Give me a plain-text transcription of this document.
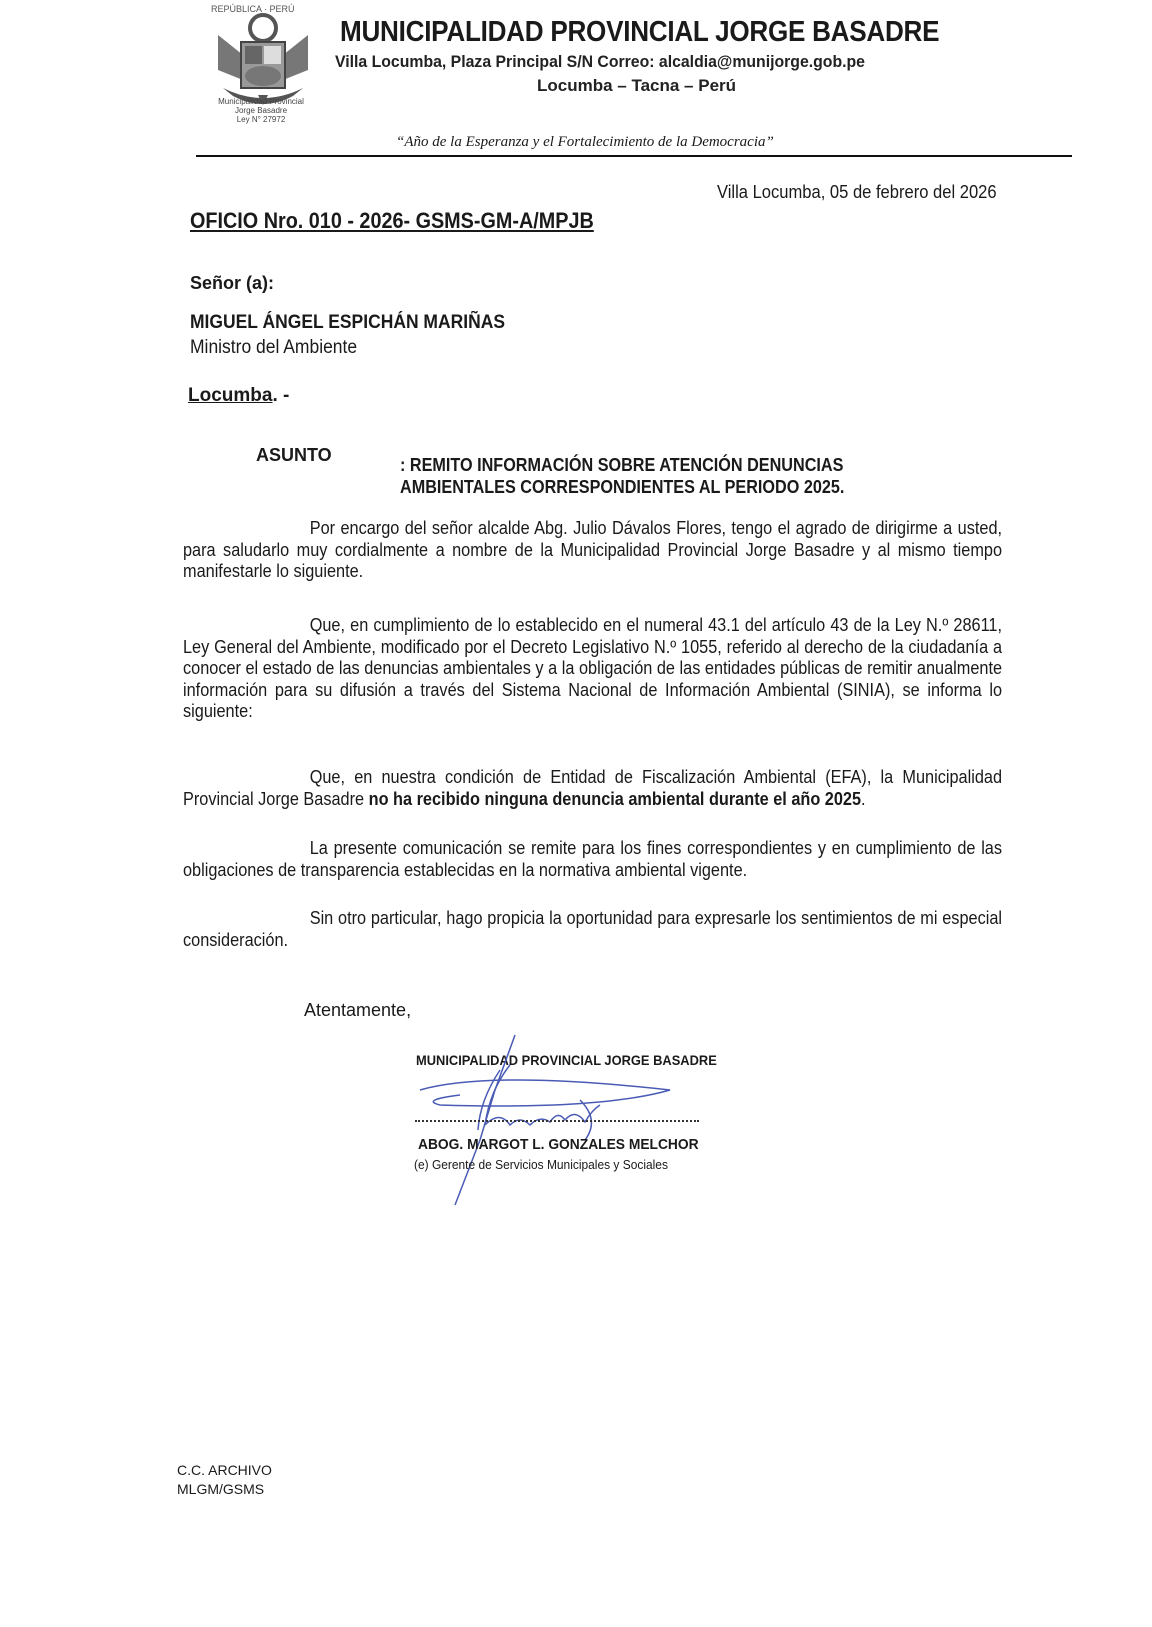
REPÚBLICA · PERÚ
Municipalidad Provincial
Jorge Basadre
Ley N° 27972
MUNICIPALIDAD PROVINCIAL JORGE BASADRE
Villa Locumba, Plaza Principal S/N Correo: alcaldia@munijorge.gob.pe
Locumba – Tacna – Perú
“Año de la Esperanza y el Fortalecimiento de la Democracia”
Villa Locumba, 05 de febrero del 2026
OFICIO Nro. 010 - 2026- GSMS-GM-A/MPJB
Señor (a):
MIGUEL ÁNGEL ESPICHÁN MARIÑAS
Ministro del Ambiente
Locumba. -
ASUNTO	: REMITO INFORMACIÓN SOBRE ATENCIÓN DENUNCIAS AMBIENTALES CORRESPONDIENTES AL PERIODO 2025.
Por encargo del señor alcalde Abg. Julio Dávalos Flores, tengo el agrado de dirigirme a usted, para saludarlo muy cordialmente a nombre de la Municipalidad Provincial Jorge Basadre y al mismo tiempo manifestarle lo siguiente.
Que, en cumplimiento de lo establecido en el numeral 43.1 del artículo 43 de la Ley N.º 28611, Ley General del Ambiente, modificado por el Decreto Legislativo N.º 1055, referido al derecho de la ciudadanía a conocer el estado de las denuncias ambientales y a la obligación de las entidades públicas de remitir anualmente información para su difusión a través del Sistema Nacional de Información Ambiental (SINIA), se informa lo siguiente:
Que, en nuestra condición de Entidad de Fiscalización Ambiental (EFA), la Municipalidad Provincial Jorge Basadre no ha recibido ninguna denuncia ambiental durante el año 2025.
La presente comunicación se remite para los fines correspondientes y en cumplimiento de las obligaciones de transparencia establecidas en la normativa ambiental vigente.
Sin otro particular, hago propicia la oportunidad para expresarle los sentimientos de mi especial consideración.
Atentamente,
MUNICIPALIDAD PROVINCIAL JORGE BASADRE
ABOG. MARGOT L. GONZALES MELCHOR
(e) Gerente de Servicios Municipales y Sociales
C.C. ARCHIVO
MLGM/GSMS
